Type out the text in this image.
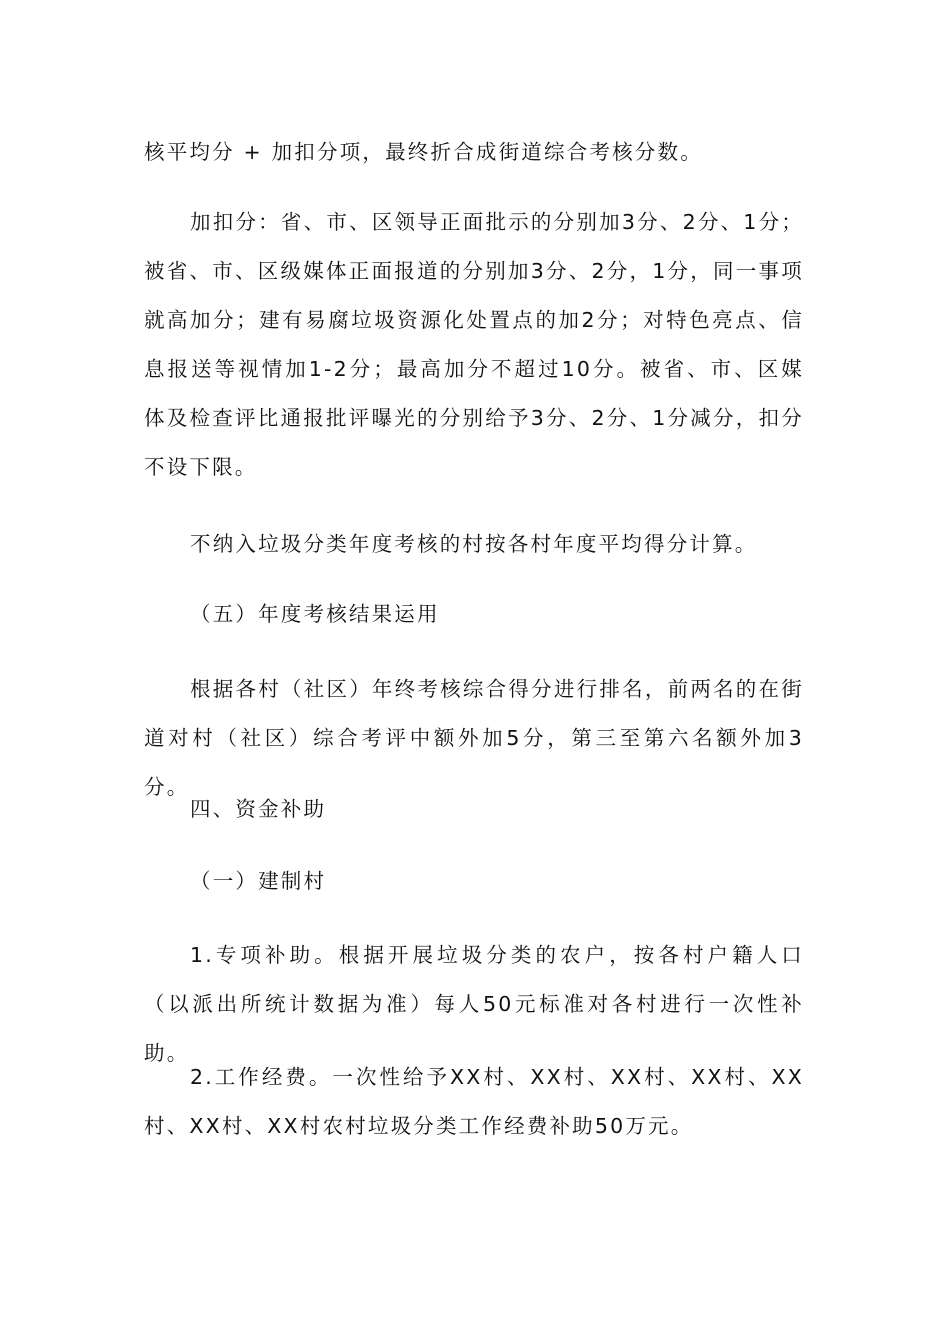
核平均分 + 加扣分项，最终折合成街道综合考核分数。

加扣分：省、市、区领导正面批示的分别加3分、2分、1分；被省、市、区级媒体正面报道的分别加3分、2分，1分，同一事项就高加分；建有易腐垃圾资源化处置点的加2分；对特色亮点、信息报送等视情加1-2分；最高加分不超过10分。被省、市、区媒体及检查评比通报批评曝光的分别给予3分、2分、1分减分，扣分不设下限。

不纳入垃圾分类年度考核的村按各村年度平均得分计算。

（五）年度考核结果运用

根据各村（社区）年终考核综合得分进行排名，前两名的在街道对村（社区）综合考评中额外加5分，第三至第六名额外加3分。

四、资金补助

（一）建制村

1.专项补助。根据开展垃圾分类的农户，按各村户籍人口（以派出所统计数据为准）每人50元标准对各村进行一次性补助。

2.工作经费。一次性给予XX村、XX村、XX村、XX村、XX村、XX村、XX村农村垃圾分类工作经费补助50万元。
